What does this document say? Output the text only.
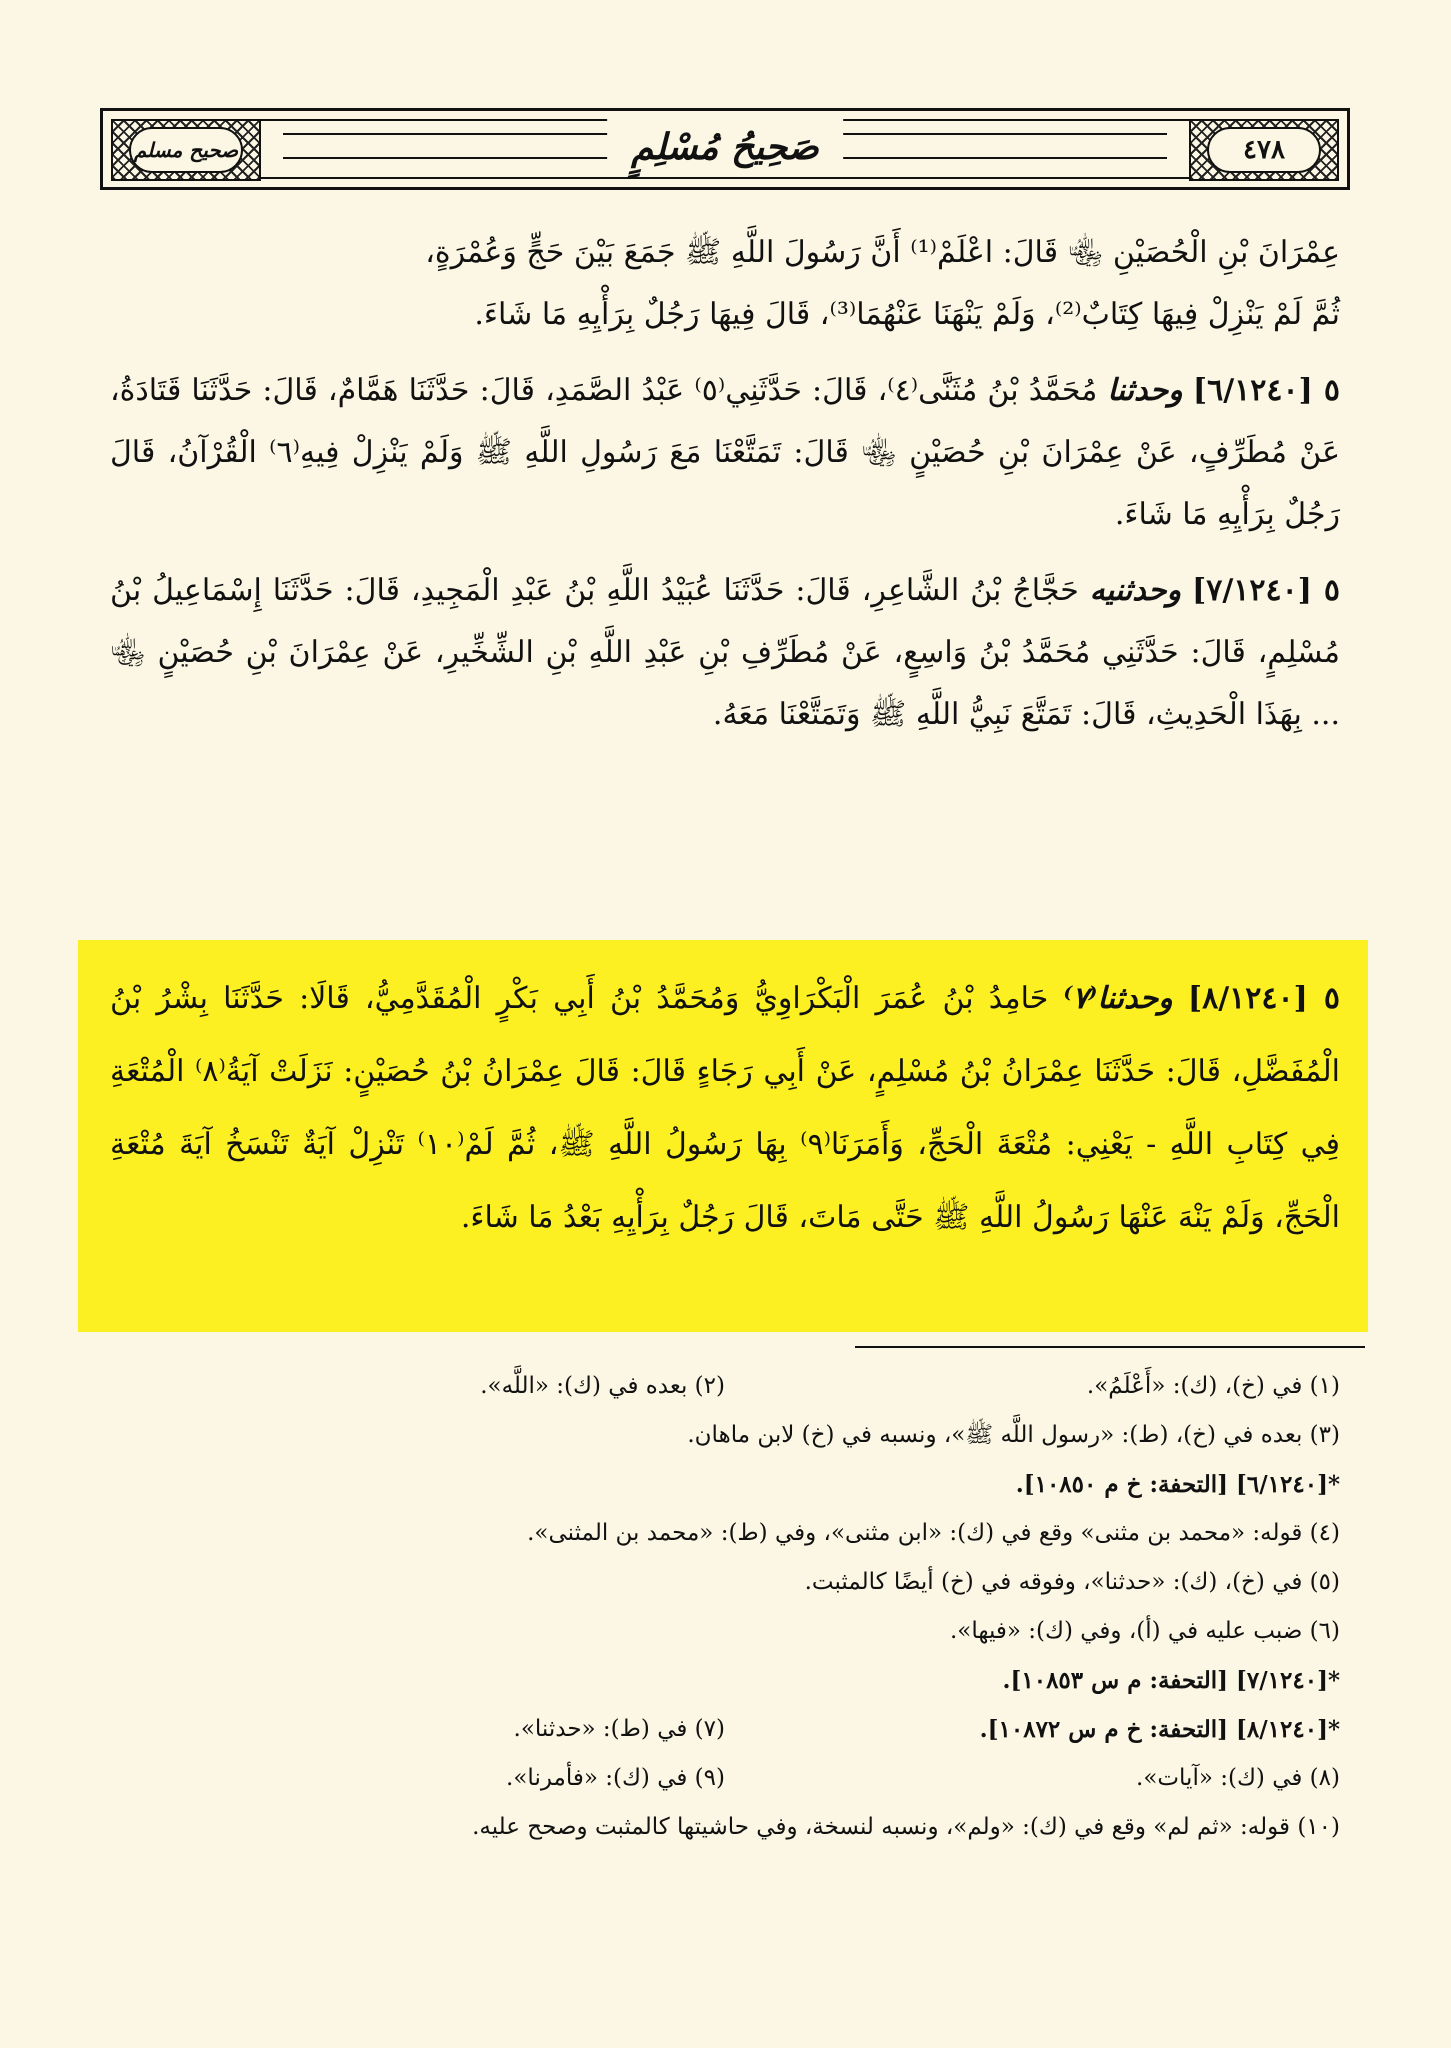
صحيح مسلم	صَحِيحُ مُسْلِمٍ	٤٧٨

عِمْرَانَ بْنِ الْحُصَيْنِ ﵄ قَالَ: اعْلَمْ⁽¹⁾ أَنَّ رَسُولَ اللَّهِ ﷺ جَمَعَ بَيْنَ حَجٍّ وَعُمْرَةٍ،

ثُمَّ لَمْ يَنْزِلْ فِيهَا كِتَابٌ⁽²⁾، وَلَمْ يَنْهَنَا عَنْهُمَا⁽³⁾، قَالَ فِيهَا رَجُلٌ بِرَأْيِهِ مَا شَاءَ.

٥ [٦/١٢٤٠] وحدثنا مُحَمَّدُ بْنُ مُثَنَّى⁽٤⁾، قَالَ: حَدَّثَنِي⁽٥⁾ عَبْدُ الصَّمَدِ، قَالَ: حَدَّثَنَا هَمَّامٌ، قَالَ: حَدَّثَنَا قَتَادَةُ، عَنْ مُطَرِّفٍ، عَنْ عِمْرَانَ بْنِ حُصَيْنٍ ﵄ قَالَ: تَمَتَّعْنَا مَعَ رَسُولِ اللَّهِ ﷺ وَلَمْ يَنْزِلْ فِيهِ⁽٦⁾ الْقُرْآنُ، قَالَ رَجُلٌ بِرَأْيِهِ مَا شَاءَ.

٥ [٧/١٢٤٠] وحدثنيه حَجَّاجُ بْنُ الشَّاعِرِ، قَالَ: حَدَّثَنَا عُبَيْدُ اللَّهِ بْنُ عَبْدِ الْمَجِيدِ، قَالَ: حَدَّثَنَا إِسْمَاعِيلُ بْنُ مُسْلِمٍ، قَالَ: حَدَّثَنِي مُحَمَّدُ بْنُ وَاسِعٍ، عَنْ مُطَرِّفِ بْنِ عَبْدِ اللَّهِ بْنِ الشِّخِّيرِ، عَنْ عِمْرَانَ بْنِ حُصَيْنٍ ﵄ ... بِهَذَا الْحَدِيثِ، قَالَ: تَمَتَّعَ نَبِيُّ اللَّهِ ﷺ وَتَمَتَّعْنَا مَعَهُ.

٥ [٨/١٢٤٠] وحدثنا⁽٧⁾ حَامِدُ بْنُ عُمَرَ الْبَكْرَاوِيُّ وَمُحَمَّدُ بْنُ أَبِي بَكْرٍ الْمُقَدَّمِيُّ، قَالَا: حَدَّثَنَا بِشْرُ بْنُ الْمُفَضَّلِ، قَالَ: حَدَّثَنَا عِمْرَانُ بْنُ مُسْلِمٍ، عَنْ أَبِي رَجَاءٍ قَالَ: قَالَ عِمْرَانُ بْنُ حُصَيْنٍ: نَزَلَتْ آيَةُ⁽٨⁾ الْمُتْعَةِ فِي كِتَابِ اللَّهِ - يَعْنِي: مُتْعَةَ الْحَجِّ، وَأَمَرَنَا⁽٩⁾ بِهَا رَسُولُ اللَّهِ ﷺ، ثُمَّ لَمْ⁽١٠⁾ تَنْزِلْ آيَةٌ تَنْسَخُ آيَةَ مُتْعَةِ الْحَجِّ، وَلَمْ يَنْهَ عَنْهَا رَسُولُ اللَّهِ ﷺ حَتَّى مَاتَ، قَالَ رَجُلٌ بِرَأْيِهِ بَعْدُ مَا شَاءَ.

(١) في (خ)، (ك): «أَعْلَمُ».
(٢) بعده في (ك): «اللَّه».
(٣) بعده في (خ)، (ط): «رسول اللَّه ﷺ»، ونسبه في (خ) لابن ماهان.
*[٦/١٢٤٠] [التحفة: خ م ١٠٨٥٠].
(٤) قوله: «محمد بن مثنى» وقع في (ك): «ابن مثنى»، وفي (ط): «محمد بن المثنى».
(٥) في (خ)، (ك): «حدثنا»، وفوقه في (خ) أيضًا كالمثبت.
(٦) ضبب عليه في (أ)، وفي (ك): «فيها».
*[٧/١٢٤٠] [التحفة: م س ١٠٨٥٣].
*[٨/١٢٤٠] [التحفة: خ م س ١٠٨٧٢].
(٧) في (ط): «حدثنا».
(٨) في (ك): «آيات».
(٩) في (ك): «فأمرنا».
(١٠) قوله: «ثم لم» وقع في (ك): «ولم»، ونسبه لنسخة، وفي حاشيتها كالمثبت وصحح عليه.
